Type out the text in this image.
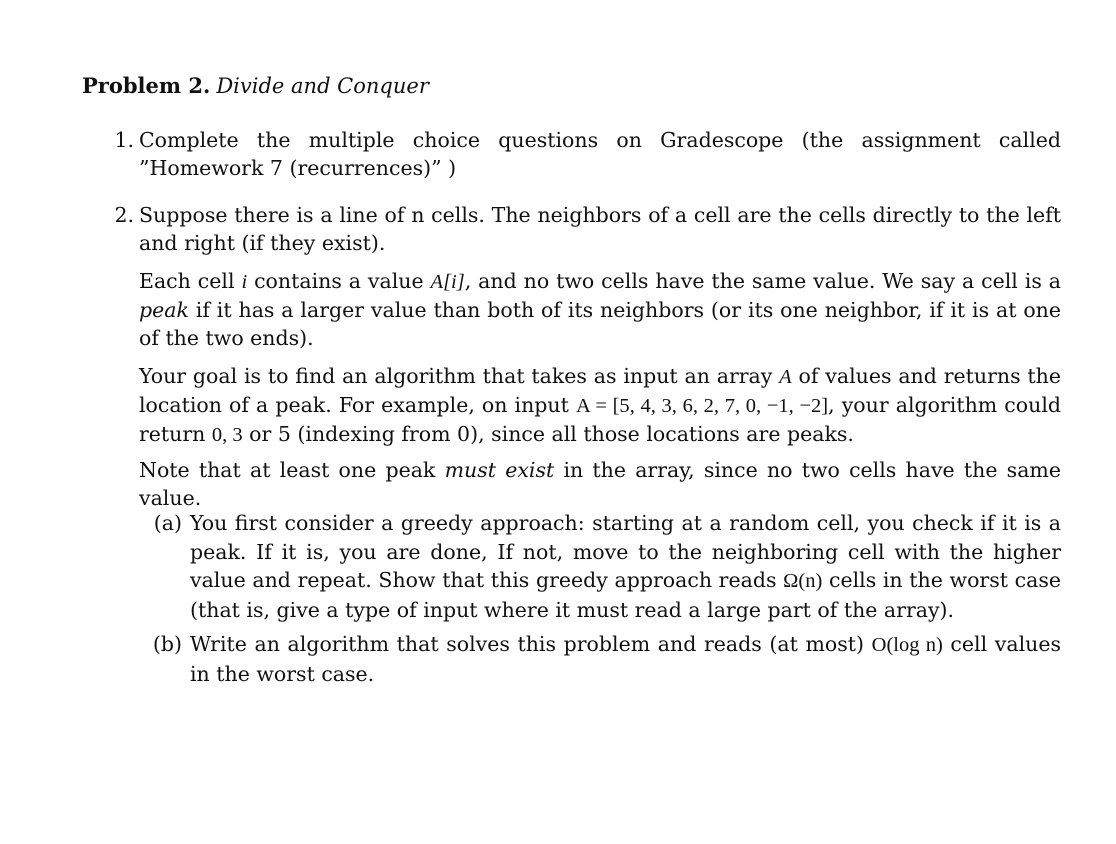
Problem 2. Divide and Conquer
1. Complete the multiple choice questions on Gradescope (the assignment called ”Homework 7 (recurrences)” )
2. Suppose there is a line of n cells. The neighbors of a cell are the cells directly to the left and right (if they exist).
Each cell i contains a value A[i], and no two cells have the same value. We say a cell is a peak if it has a larger value than both of its neighbors (or its one neighbor, if it is at one of the two ends).
Your goal is to find an algorithm that takes as input an array A of values and returns the location of a peak. For example, on input A = [5, 4, 3, 6, 2, 7, 0, −1, −2], your algorithm could return 0, 3 or 5 (indexing from 0), since all those locations are peaks.
Note that at least one peak must exist in the array, since no two cells have the same value.
(a) You first consider a greedy approach: starting at a random cell, you check if it is a peak. If it is, you are done, If not, move to the neighboring cell with the higher value and repeat. Show that this greedy approach reads Ω(n) cells in the worst case (that is, give a type of input where it must read a large part of the array).
(b) Write an algorithm that solves this problem and reads (at most) O(log n) cell values in the worst case.
